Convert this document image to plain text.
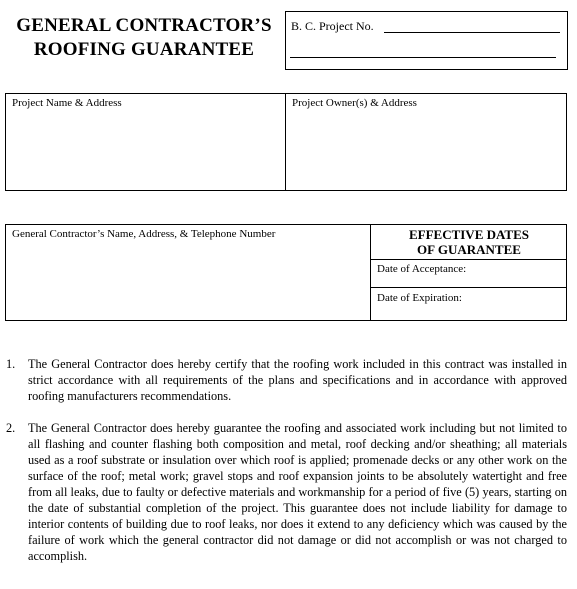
GENERAL CONTRACTOR’S
ROOFING GUARANTEE
B. C. Project No.
Project Name & Address	Project Owner(s) & Address
General Contractor’s Name, Address, & Telephone Number	EFFECTIVE DATES
OF GUARANTEE
Date of Acceptance:
Date of Expiration:
1.	The General Contractor does hereby certify that the roofing work included in this contract was installed in strict accordance with all requirements of the plans and specifications and in accordance with approved roofing manufacturers recommendations.
2.	The General Contractor does hereby guarantee the roofing and associated work including but not limited to all flashing and counter flashing both composition and metal, roof decking and/or sheathing; all materials used as a roof substrate or insulation over which roof is applied; promenade decks or any other work on the surface of the roof; metal work; gravel stops and roof expansion joints to be absolutely watertight and free from all leaks, due to faulty or defective materials and workmanship for a period of five (5) years, starting on the date of substantial completion of the project. This guarantee does not include liability for damage to interior contents of building due to roof leaks, nor does it extend to any deficiency which was caused by the failure of work which the general contractor did not damage or did not accomplish or was not charged to accomplish.
